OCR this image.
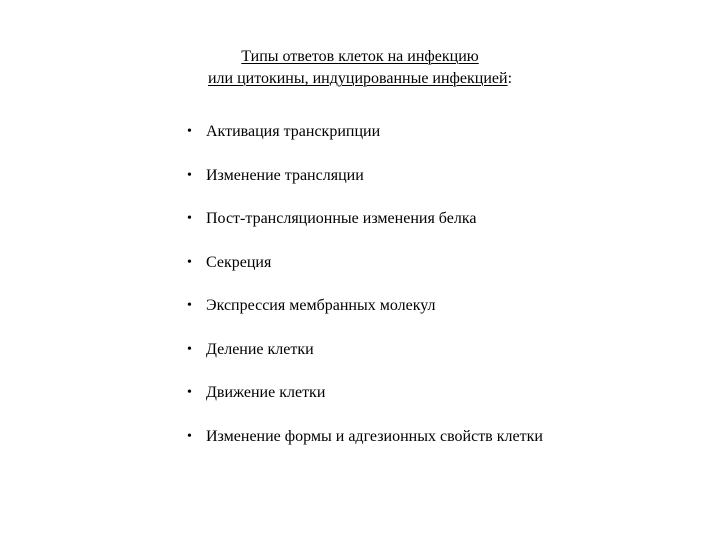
Типы ответов клеток на инфекцию
или цитокины, индуцированные инфекцией:
• Активация транскрипции
• Изменение трансляции
• Пост-трансляционные изменения белка
• Секреция
• Экспрессия мембранных молекул
• Деление клетки
• Движение клетки
• Изменение формы и адгезионных свойств клетки
